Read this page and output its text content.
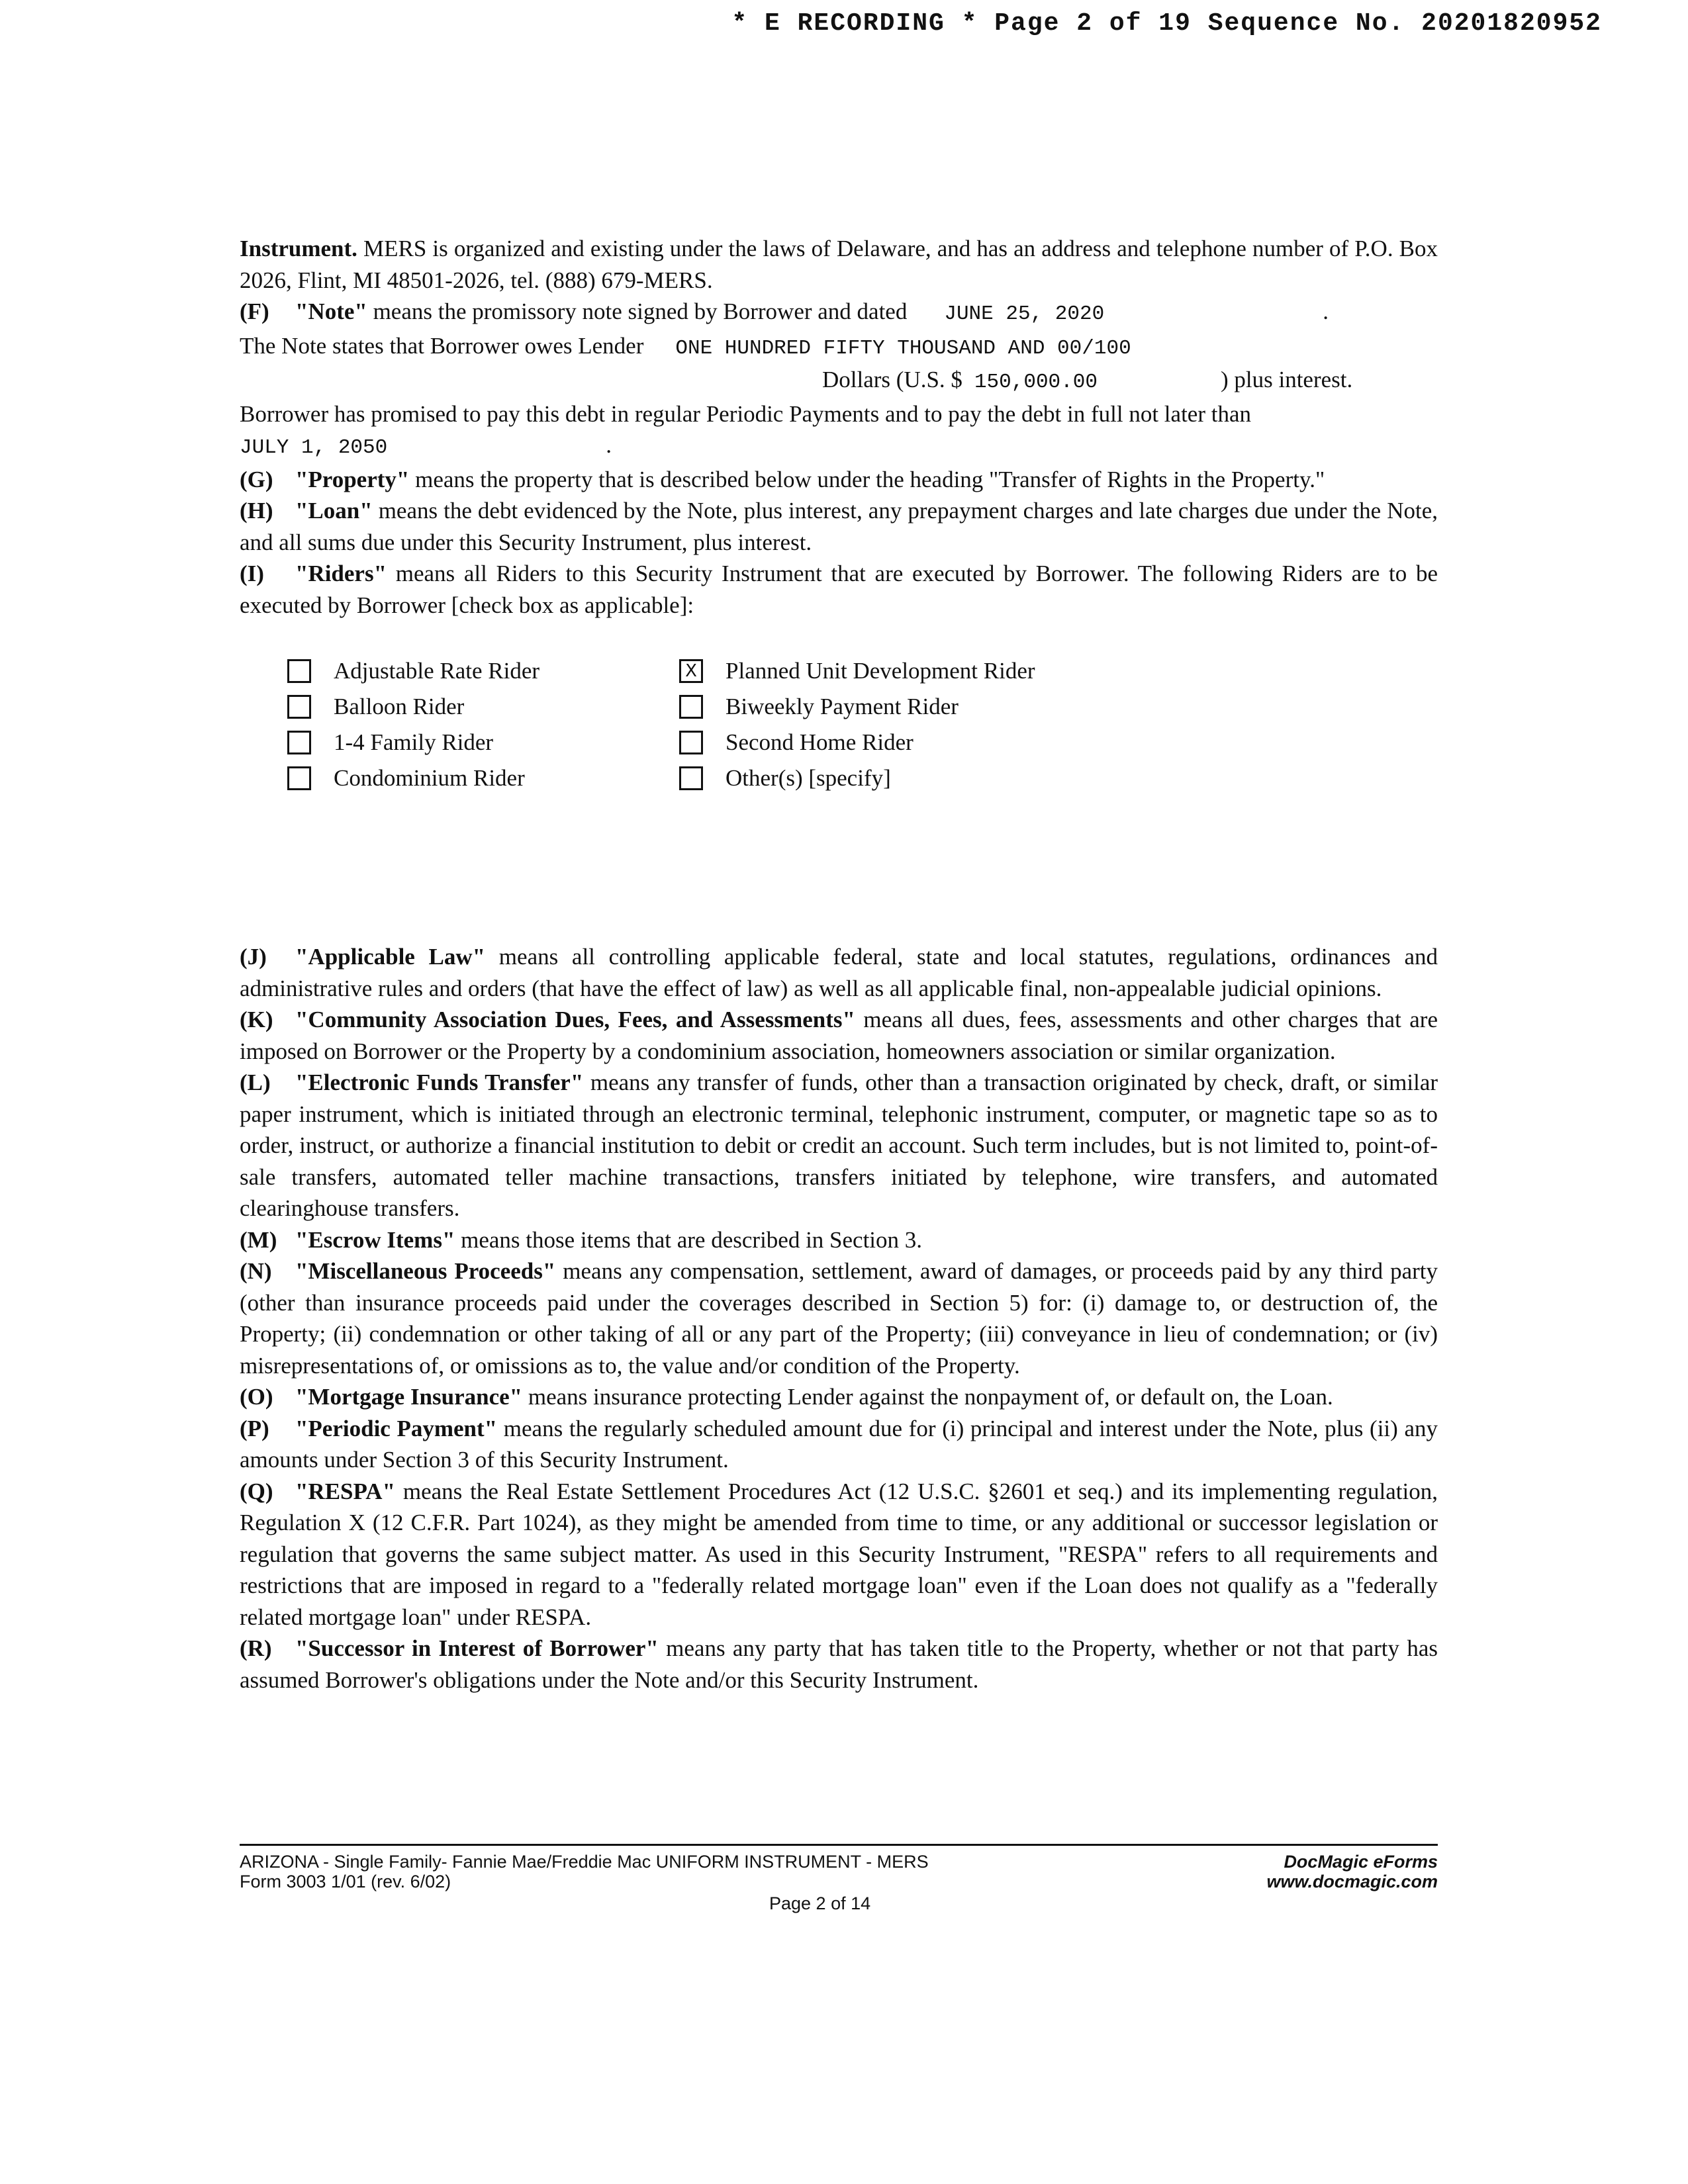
* E RECORDING * Page 2 of 19 Sequence No. 20201820952

Instrument. MERS is organized and existing under the laws of Delaware, and has an address and telephone number of P.O. Box 2026, Flint, MI 48501-2026, tel. (888) 679-MERS.

(F) "Note" means the promissory note signed by Borrower and dated JUNE 25, 2020	.
The Note states that Borrower owes Lender ONE HUNDRED FIFTY THOUSAND AND 00/100
Dollars (U.S. $ 150,000.00	) plus interest.

Borrower has promised to pay this debt in regular Periodic Payments and to pay the debt in full not later than

JULY 1, 2050	.

(G) "Property" means the property that is described below under the heading "Transfer of Rights in the Property."

(H) "Loan" means the debt evidenced by the Note, plus interest, any prepayment charges and late charges due under the Note, and all sums due under this Security Instrument, plus interest.

(I) "Riders" means all Riders to this Security Instrument that are executed by Borrower. The following Riders are to be executed by Borrower [check box as applicable]:

Adjustable Rate Rider	X Planned Unit Development Rider
Balloon Rider	Biweekly Payment Rider
1-4 Family Rider	Second Home Rider
Condominium Rider	Other(s) [specify]

(J) "Applicable Law" means all controlling applicable federal, state and local statutes, regulations, ordinances and administrative rules and orders (that have the effect of law) as well as all applicable final, non-appealable judicial opinions.

(K) "Community Association Dues, Fees, and Assessments" means all dues, fees, assessments and other charges that are imposed on Borrower or the Property by a condominium association, homeowners association or similar organization.

(L) "Electronic Funds Transfer" means any transfer of funds, other than a transaction originated by check, draft, or similar paper instrument, which is initiated through an electronic terminal, telephonic instrument, computer, or magnetic tape so as to order, instruct, or authorize a financial institution to debit or credit an account. Such term includes, but is not limited to, point-of-sale transfers, automated teller machine transactions, transfers initiated by telephone, wire transfers, and automated clearinghouse transfers.

(M) "Escrow Items" means those items that are described in Section 3.

(N) "Miscellaneous Proceeds" means any compensation, settlement, award of damages, or proceeds paid by any third party (other than insurance proceeds paid under the coverages described in Section 5) for: (i) damage to, or destruction of, the Property; (ii) condemnation or other taking of all or any part of the Property; (iii) conveyance in lieu of condemnation; or (iv) misrepresentations of, or omissions as to, the value and/or condition of the Property.

(O) "Mortgage Insurance" means insurance protecting Lender against the nonpayment of, or default on, the Loan.

(P) "Periodic Payment" means the regularly scheduled amount due for (i) principal and interest under the Note, plus (ii) any amounts under Section 3 of this Security Instrument.

(Q) "RESPA" means the Real Estate Settlement Procedures Act (12 U.S.C. §2601 et seq.) and its implementing regulation, Regulation X (12 C.F.R. Part 1024), as they might be amended from time to time, or any additional or successor legislation or regulation that governs the same subject matter. As used in this Security Instrument, "RESPA" refers to all requirements and restrictions that are imposed in regard to a "federally related mortgage loan" even if the Loan does not qualify as a "federally related mortgage loan" under RESPA.

(R) "Successor in Interest of Borrower" means any party that has taken title to the Property, whether or not that party has assumed Borrower's obligations under the Note and/or this Security Instrument.

ARIZONA - Single Family- Fannie Mae/Freddie Mac UNIFORM INSTRUMENT - MERS
Form 3003 1/01 (rev. 6/02)
DocMagic eForms
www.docmagic.com
Page 2 of 14
